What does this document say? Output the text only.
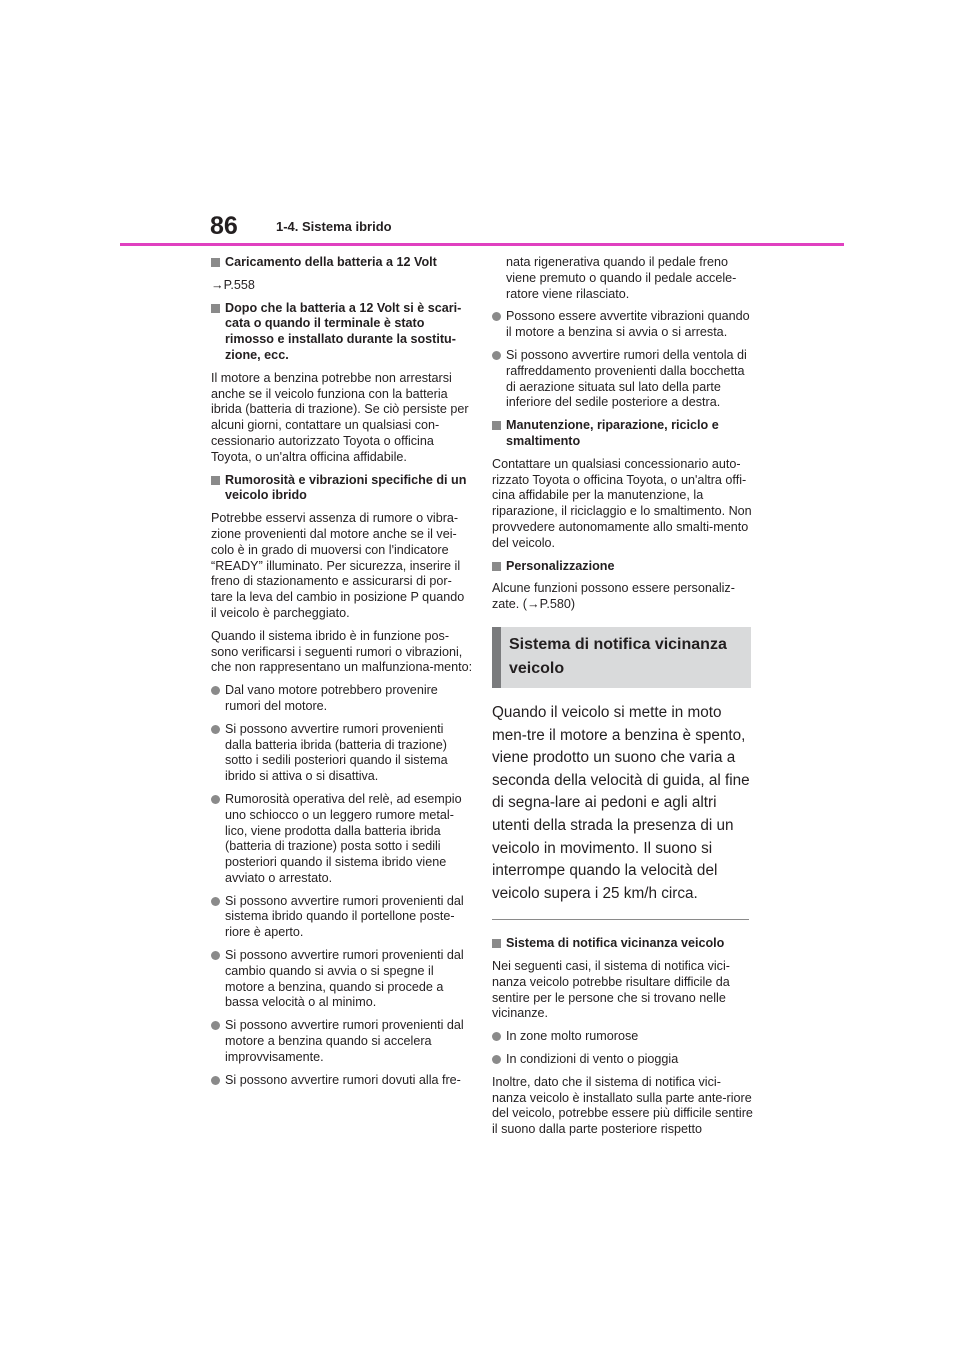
86	1-4. Sistema ibrido
Caricamento della batteria a 12 Volt
→P.558
Dopo che la batteria a 12 Volt si è scari-cata o quando il terminale è stato rimosso e installato durante la sostitu-zione, ecc.
Il motore a benzina potrebbe non arrestarsi anche se il veicolo funziona con la batteria ibrida (batteria di trazione). Se ciò persiste per alcuni giorni, contattare un qualsiasi con-cessionario autorizzato Toyota o officina Toyota, o un'altra officina affidabile.
Rumorosità e vibrazioni specifiche di un veicolo ibrido
Potrebbe esservi assenza di rumore o vibra-zione provenienti dal motore anche se il vei-colo è in grado di muoversi con l'indicatore “READY” illuminato. Per sicurezza, inserire il freno di stazionamento e assicurarsi di por-tare la leva del cambio in posizione P quando il veicolo è parcheggiato.
Quando il sistema ibrido è in funzione pos-sono verificarsi i seguenti rumori o vibrazioni, che non rappresentano un malfunziona-mento:
Dal vano motore potrebbero provenire rumori del motore.
Si possono avvertire rumori provenienti dalla batteria ibrida (batteria di trazione) sotto i sedili posteriori quando il sistema ibrido si attiva o si disattiva.
Rumorosità operativa del relè, ad esempio uno schiocco o un leggero rumore metal-lico, viene prodotta dalla batteria ibrida (batteria di trazione) posta sotto i sedili posteriori quando il sistema ibrido viene avviato o arrestato.
Si possono avvertire rumori provenienti dal sistema ibrido quando il portellone poste-riore è aperto.
Si possono avvertire rumori provenienti dal cambio quando si avvia o si spegne il motore a benzina, quando si procede a bassa velocità o al minimo.
Si possono avvertire rumori provenienti dal motore a benzina quando si accelera improvvisamente.
Si possono avvertire rumori dovuti alla fre-
nata rigenerativa quando il pedale freno viene premuto o quando il pedale accele-ratore viene rilasciato.
Possono essere avvertite vibrazioni quando il motore a benzina si avvia o si arresta.
Si possono avvertire rumori della ventola di raffreddamento provenienti dalla bocchetta di aerazione situata sul lato della parte inferiore del sedile posteriore a destra.
Manutenzione, riparazione, riciclo e smaltimento
Contattare un qualsiasi concessionario auto-rizzato Toyota o officina Toyota, o un'altra offi-cina affidabile per la manutenzione, la riparazione, il riciclaggio e lo smaltimento. Non provvedere autonomamente allo smalti-mento del veicolo.
Personalizzazione
Alcune funzioni possono essere personaliz-zate. (→P.580)
Sistema di notifica vicinanza veicolo
Quando il veicolo si mette in moto men-tre il motore a benzina è spento, viene prodotto un suono che varia a seconda della velocità di guida, al fine di segna-lare ai pedoni e agli altri utenti della strada la presenza di un veicolo in movimento. Il suono si interrompe quando la velocità del veicolo supera i 25 km/h circa.
Sistema di notifica vicinanza veicolo
Nei seguenti casi, il sistema di notifica vici-nanza veicolo potrebbe risultare difficile da sentire per le persone che si trovano nelle vicinanze.
In zone molto rumorose
In condizioni di vento o pioggia
Inoltre, dato che il sistema di notifica vici-nanza veicolo è installato sulla parte ante-riore del veicolo, potrebbe essere più difficile sentire il suono dalla parte posteriore rispetto
